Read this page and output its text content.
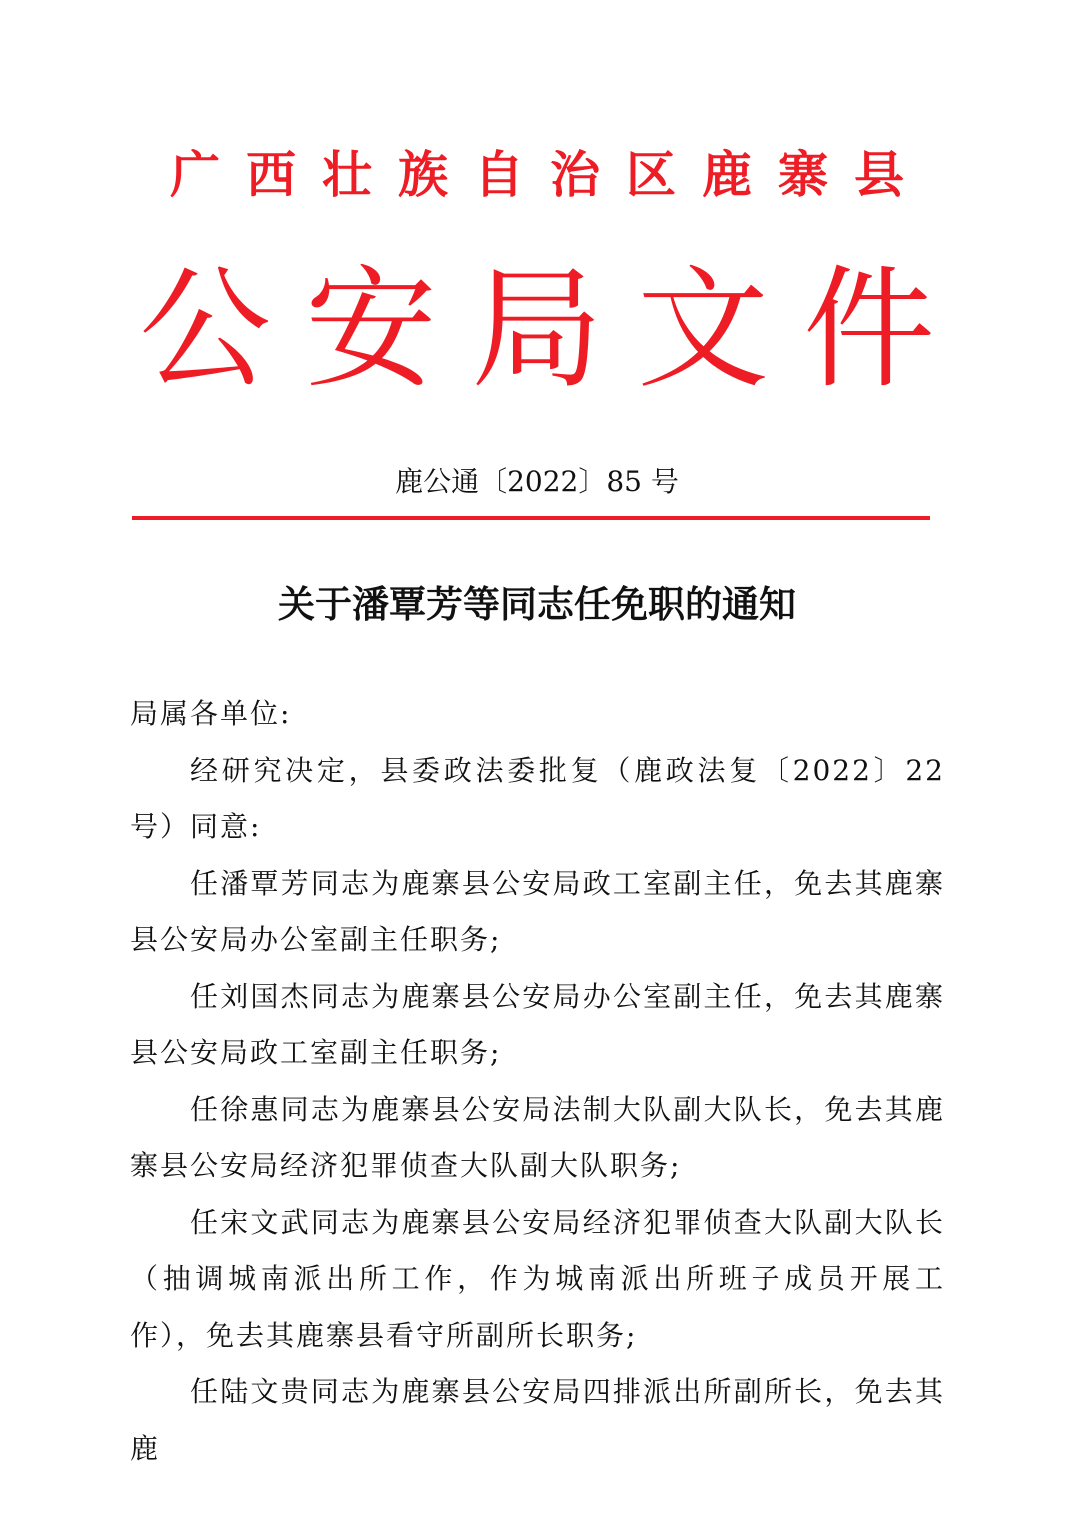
广西壮族自治区鹿寨县
公安局文件
鹿公通〔2022〕85 号
关于潘覃芳等同志任免职的通知

局属各单位:

经研究决定，县委政法委批复（鹿政法复〔2022〕22 号）同意:

任潘覃芳同志为鹿寨县公安局政工室副主任，免去其鹿寨县公安局办公室副主任职务;

任刘国杰同志为鹿寨县公安局办公室副主任，免去其鹿寨县公安局政工室副主任职务;

任徐惠同志为鹿寨县公安局法制大队副大队长，免去其鹿寨县公安局经济犯罪侦查大队副大队职务;

任宋文武同志为鹿寨县公安局经济犯罪侦查大队副大队长（抽调城南派出所工作，作为城南派出所班子成员开展工作），免去其鹿寨县看守所副所长职务;

任陆文贵同志为鹿寨县公安局四排派出所副所长，免去其鹿
